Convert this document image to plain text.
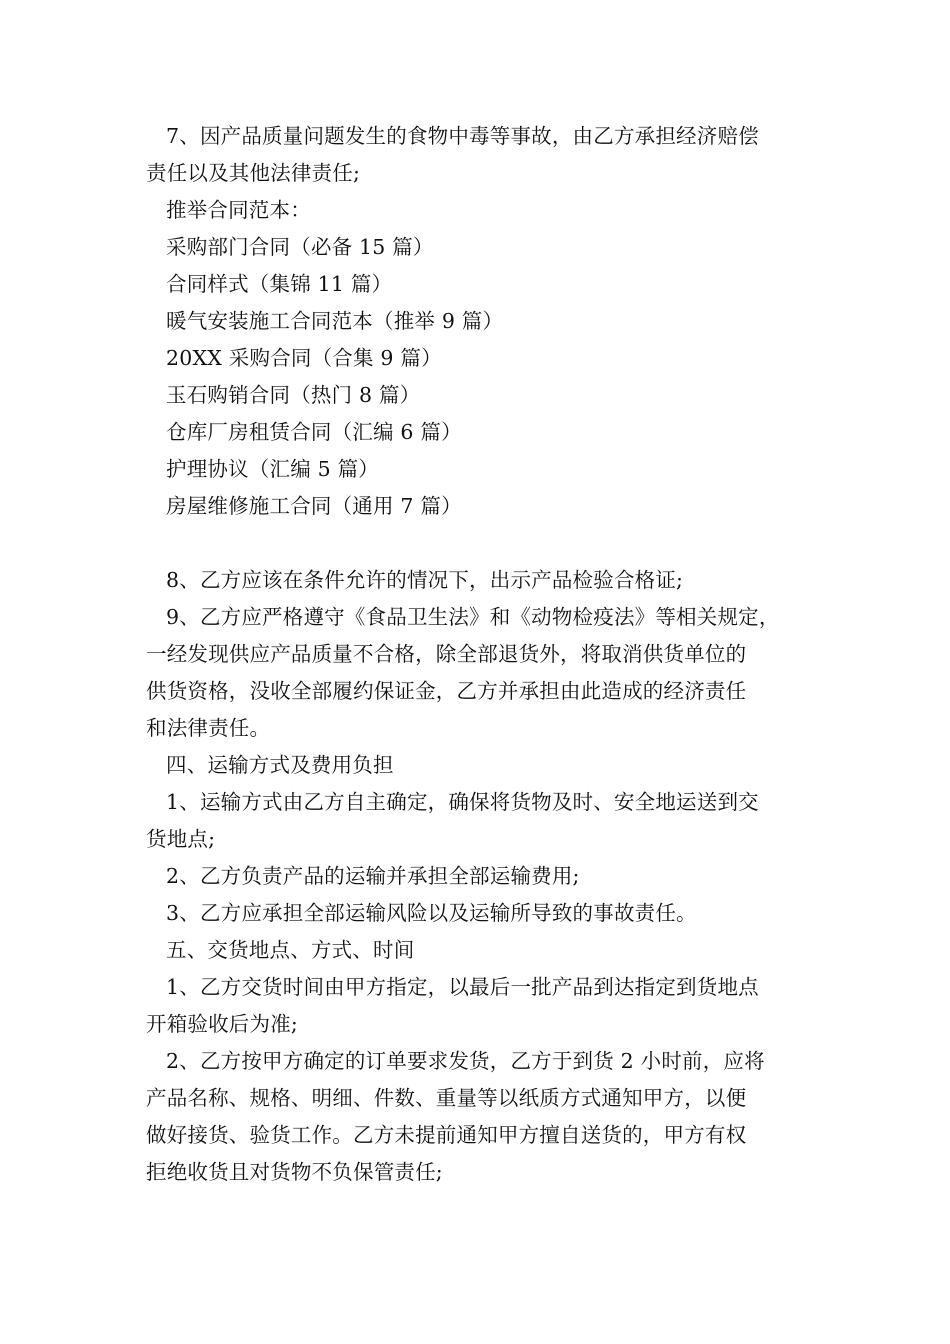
7、因产品质量问题发生的食物中毒等事故，由乙方承担经济赔偿
责任以及其他法律责任;
推举合同范本：
采购部门合同（必备 15 篇）
合同样式（集锦 11 篇）
暖气安装施工合同范本（推举 9 篇）
20XX 采购合同（合集 9 篇）
玉石购销合同（热门 8 篇）
仓库厂房租赁合同（汇编 6 篇）
护理协议（汇编 5 篇）
房屋维修施工合同（通用 7 篇）
8、乙方应该在条件允许的情况下，出示产品检验合格证;
9、乙方应严格遵守《食品卫生法》和《动物检疫法》等相关规定，
一经发现供应产品质量不合格，除全部退货外，将取消供货单位的
供货资格，没收全部履约保证金，乙方并承担由此造成的经济责任
和法律责任。
四、运输方式及费用负担
1、运输方式由乙方自主确定，确保将货物及时、安全地运送到交
货地点;
2、乙方负责产品的运输并承担全部运输费用;
3、乙方应承担全部运输风险以及运输所导致的事故责任。
五、交货地点、方式、时间
1、乙方交货时间由甲方指定，以最后一批产品到达指定到货地点
开箱验收后为准;
2、乙方按甲方确定的订单要求发货，乙方于到货 2 小时前，应将
产品名称、规格、明细、件数、重量等以纸质方式通知甲方，以便
做好接货、验货工作。乙方未提前通知甲方擅自送货的，甲方有权
拒绝收货且对货物不负保管责任;
